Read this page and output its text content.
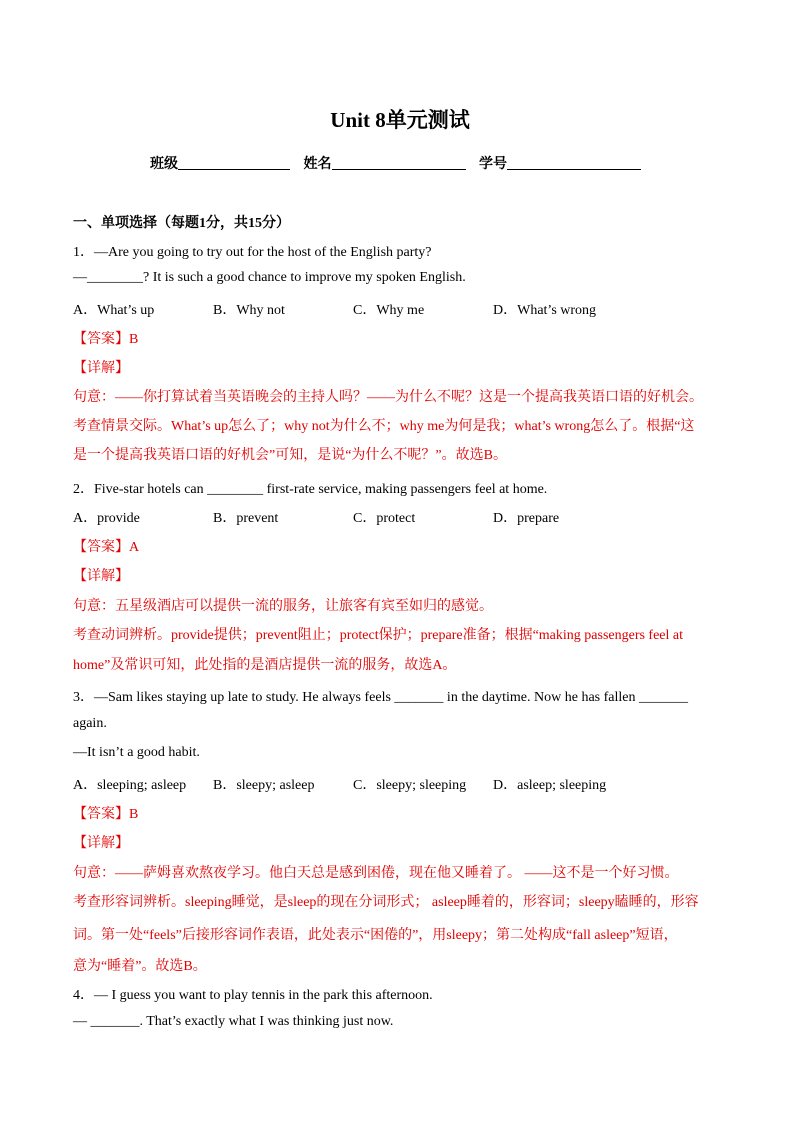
Unit 8单元测试
班级	姓名	学号
一、单项选择（每题1分，共15分）
1．—Are you going to try out for the host of the English party?
—________? It is such a good chance to improve my spoken English.
A．What’s up	B．Why not	C．Why me	D．What’s wrong
【答案】B
【详解】
句意：——你打算试着当英语晚会的主持人吗？——为什么不呢？这是一个提高我英语口语的好机会。
考查情景交际。What’s up怎么了；why not为什么不；why me为何是我；what’s wrong怎么了。根据“这
是一个提高我英语口语的好机会”可知，是说“为什么不呢？”。故选B。
2．Five-star hotels can ________ first-rate service, making passengers feel at home.
A．provide	B．prevent	C．protect	D．prepare
【答案】A
【详解】
句意：五星级酒店可以提供一流的服务，让旅客有宾至如归的感觉。
考查动词辨析。provide提供；prevent阻止；protect保护；prepare准备；根据“making passengers feel at
home”及常识可知，此处指的是酒店提供一流的服务，故选A。
3．—Sam likes staying up late to study. He always feels _______ in the daytime. Now he has fallen _______
again.
—It isn’t a good habit.
A．sleeping; asleep	B．sleepy; asleep	C．sleepy; sleeping	D．asleep; sleeping
【答案】B
【详解】
句意：——萨姆喜欢熬夜学习。他白天总是感到困倦，现在他又睡着了。 ——这不是一个好习惯。
考查形容词辨析。sleeping睡觉，是sleep的现在分词形式； asleep睡着的，形容词；sleepy瞌睡的，形容
词。第一处“feels”后接形容词作表语，此处表示“困倦的”，用sleepy；第二处构成“fall asleep”短语，
意为“睡着”。故选B。
4．— I guess you want to play tennis in the park this afternoon.
— _______. That’s exactly what I was thinking just now.
